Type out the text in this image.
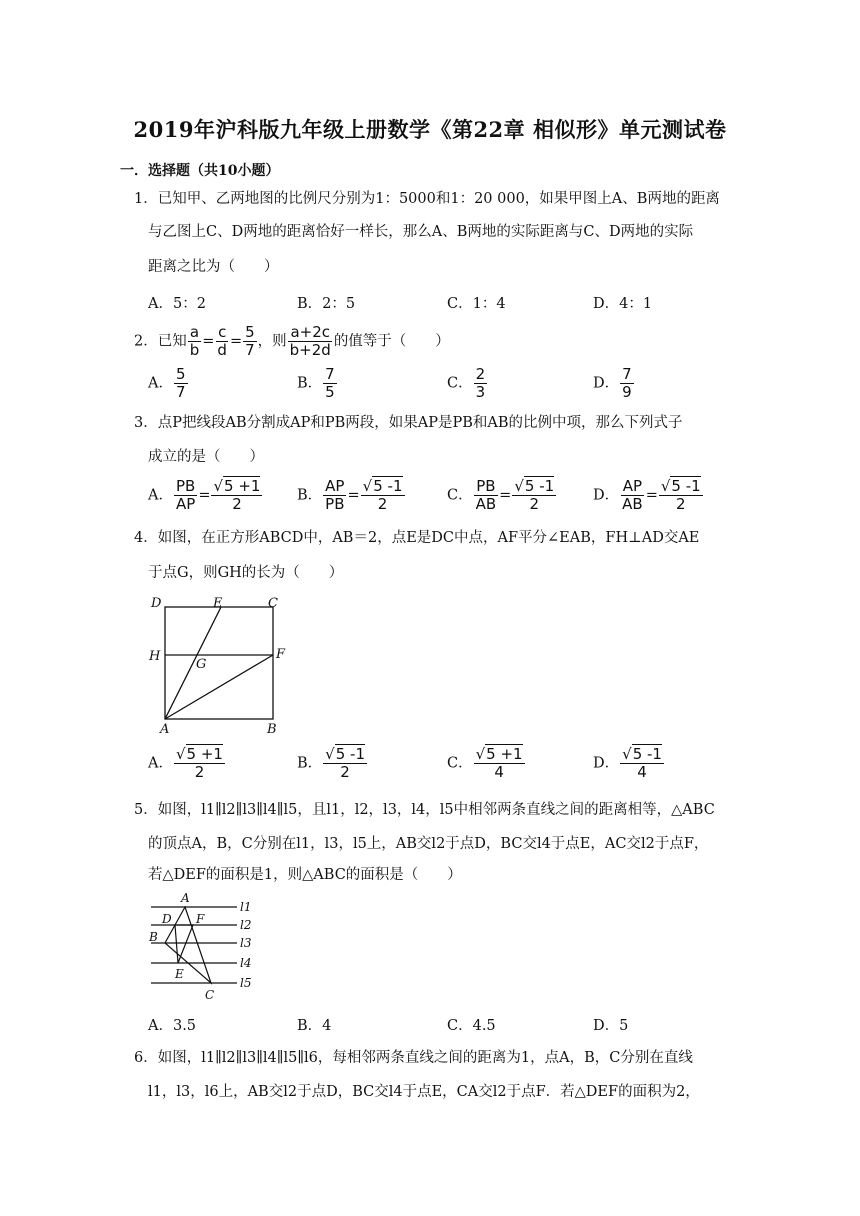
2019年沪科版九年级上册数学《第22章 相似形》单元测试卷
一．选择题（共10小题）
1．已知甲、乙两地图的比例尺分别为1：5000和1：20 000，如果甲图上A、B两地的距离
与乙图上C、D两地的距离恰好一样长，那么A、B两地的实际距离与C、D两地的实际
距离之比为（　　）
A．5：2	B．2：5	C．1：4	D．4：1
2．已知 $\frac{a}{b} = \frac{c}{d} = \frac{5}{7}$ ，则 $\frac{a+2c}{b+2d}$ 的值等于（　　）
A． $\frac{5}{7}$	B． $\frac{7}{5}$	C． $\frac{2}{3}$	D． $\frac{7}{9}$
3．点P把线段AB分割成AP和PB两段，如果AP是PB和AB的比例中项，那么下列式子
成立的是（　　）
A． $\frac{PB}{AP} = \frac{√5 +1}{2}$ B． $\frac{AP}{PB} = \frac{√5 -1}{2}$	C． $\frac{PB}{AB} = \frac{√5 -1}{2}$	D． $\frac{AP}{AB} = \frac{√5 -1}{2}$
4．如图，在正方形ABCD中，AB＝2，点E是DC中点，AF平分∠EAB，FH⊥AD交AE
于点G，则GH的长为（　　）
D	E	C
H
G
F
A	B
A． $\frac{√5 +1}{2}$	B． $\frac{√5 -1}{2}$	C． $\frac{√5 +1}{4}$	D． $\frac{√5 -1}{4}$
5．如图，l1∥l2∥l3∥l4∥l5，且l1，l2，l3，l4，l5中相邻两条直线之间的距离相等，△ABC
的顶点A，B，C分别在l1，l3，l5上，AB交l2于点D，BC交l4于点E，AC交l2于点F，
若△DEF的面积是1，则△ABC的面积是（　　）
A
D F
B
E
C
l1
l2
l3
l4
l5
A．3.5	B．4	C．4.5	D．5
6．如图，l1∥l2∥l3∥l4∥l5∥l6，每相邻两条直线之间的距离为1，点A，B，C分别在直线
l1，l3，l6上，AB交l2于点D，BC交l4于点E，CA交l2于点F．若△DEF的面积为2，
